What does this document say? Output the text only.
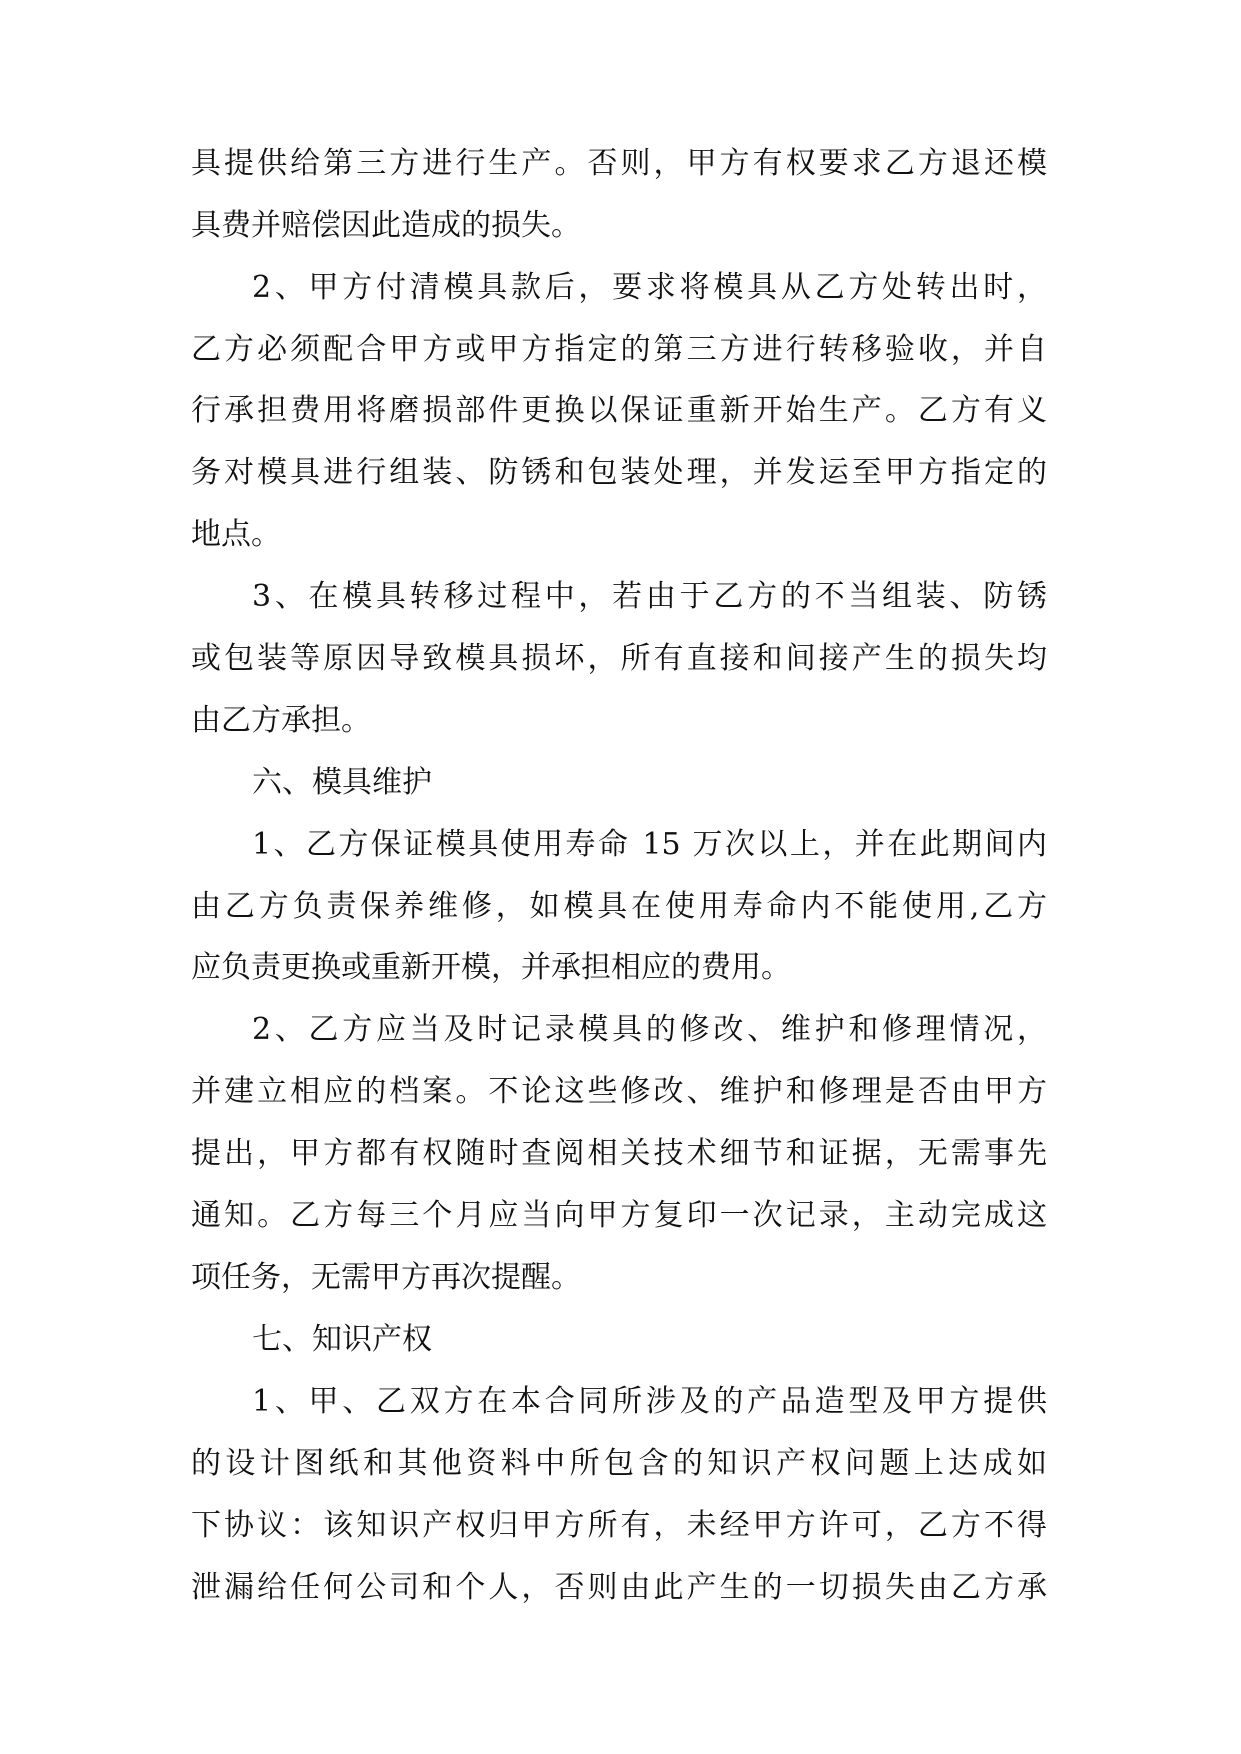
具提供给第三方进行生产。否则，甲方有权要求乙方退还模
具费并赔偿因此造成的损失。
2、甲方付清模具款后，要求将模具从乙方处转出时，
乙方必须配合甲方或甲方指定的第三方进行转移验收，并自
行承担费用将磨损部件更换以保证重新开始生产。乙方有义
务对模具进行组装、防锈和包装处理，并发运至甲方指定的
地点。
3、在模具转移过程中，若由于乙方的不当组装、防锈
或包装等原因导致模具损坏，所有直接和间接产生的损失均
由乙方承担。
六、模具维护
1、乙方保证模具使用寿命 15 万次以上，并在此期间内
由乙方负责保养维修，如模具在使用寿命内不能使用,乙方
应负责更换或重新开模，并承担相应的费用。
2、乙方应当及时记录模具的修改、维护和修理情况，
并建立相应的档案。不论这些修改、维护和修理是否由甲方
提出，甲方都有权随时查阅相关技术细节和证据，无需事先
通知。乙方每三个月应当向甲方复印一次记录，主动完成这
项任务，无需甲方再次提醒。
七、知识产权
1、甲、乙双方在本合同所涉及的产品造型及甲方提供
的设计图纸和其他资料中所包含的知识产权问题上达成如
下协议：该知识产权归甲方所有，未经甲方许可，乙方不得
泄漏给任何公司和个人，否则由此产生的一切损失由乙方承
